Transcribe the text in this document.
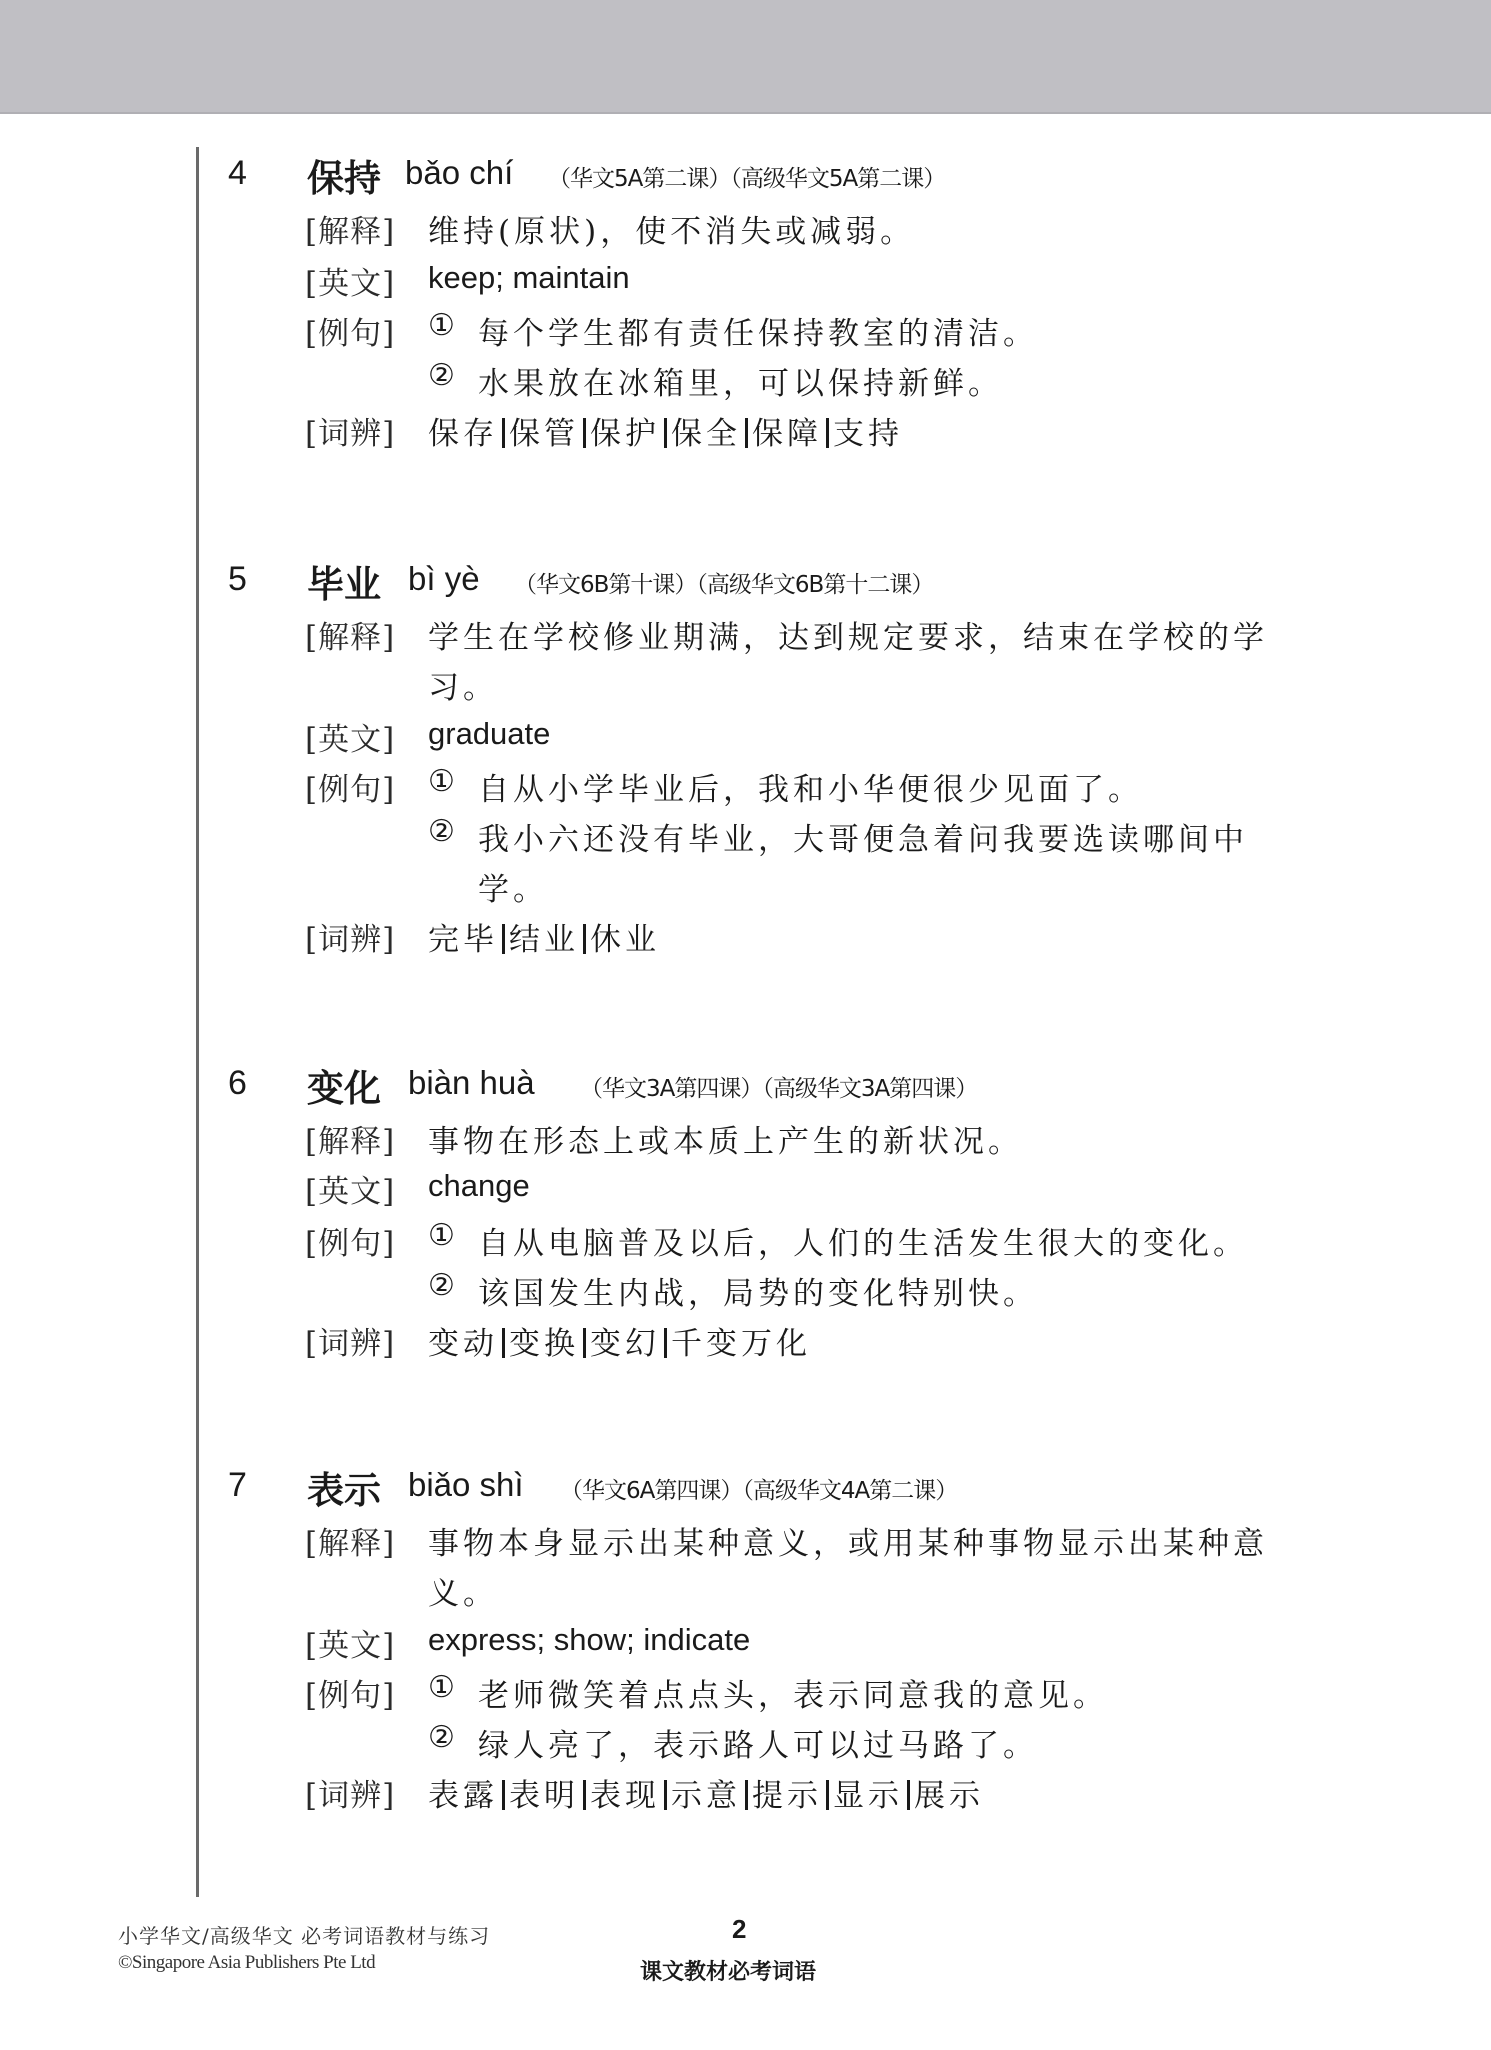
4 保持 bǎo chí （华文5A第二课）（高级华文5A第二课）
[解释] 维持(原状)，使不消失或减弱。
[英文] keep; maintain
[例句] ① 每个学生都有责任保持教室的清洁。
② 水果放在冰箱里，可以保持新鲜。
[词辨] 保存 保管 保护 保全 保障 支持
5 毕业 bì yè （华文6B第十课）（高级华文6B第十二课）
[解释] 学生在学校修业期满，达到规定要求，结束在学校的学
习。
[英文] graduate
[例句] ① 自从小学毕业后，我和小华便很少见面了。
② 我小六还没有毕业，大哥便急着问我要选读哪间中
学。
[词辨] 完毕 结业 休业
6 变化 biàn huà （华文3A第四课）（高级华文3A第四课）
[解释] 事物在形态上或本质上产生的新状况。
[英文] change
[例句] ① 自从电脑普及以后，人们的生活发生很大的变化。
② 该国发生内战，局势的变化特别快。
[词辨] 变动 变换 变幻 千变万化
7 表示 biǎo shì （华文6A第四课）（高级华文4A第二课）
[解释] 事物本身显示出某种意义，或用某种事物显示出某种意
义。
[英文] express; show; indicate
[例句] ① 老师微笑着点点头，表示同意我的意见。
② 绿人亮了，表示路人可以过马路了。
[词辨] 表露 表明 表现 示意 提示 显示 展示
小学华文/高级华文 必考词语教材与练习
©Singapore Asia Publishers Pte Ltd
2
课文教材必考词语
